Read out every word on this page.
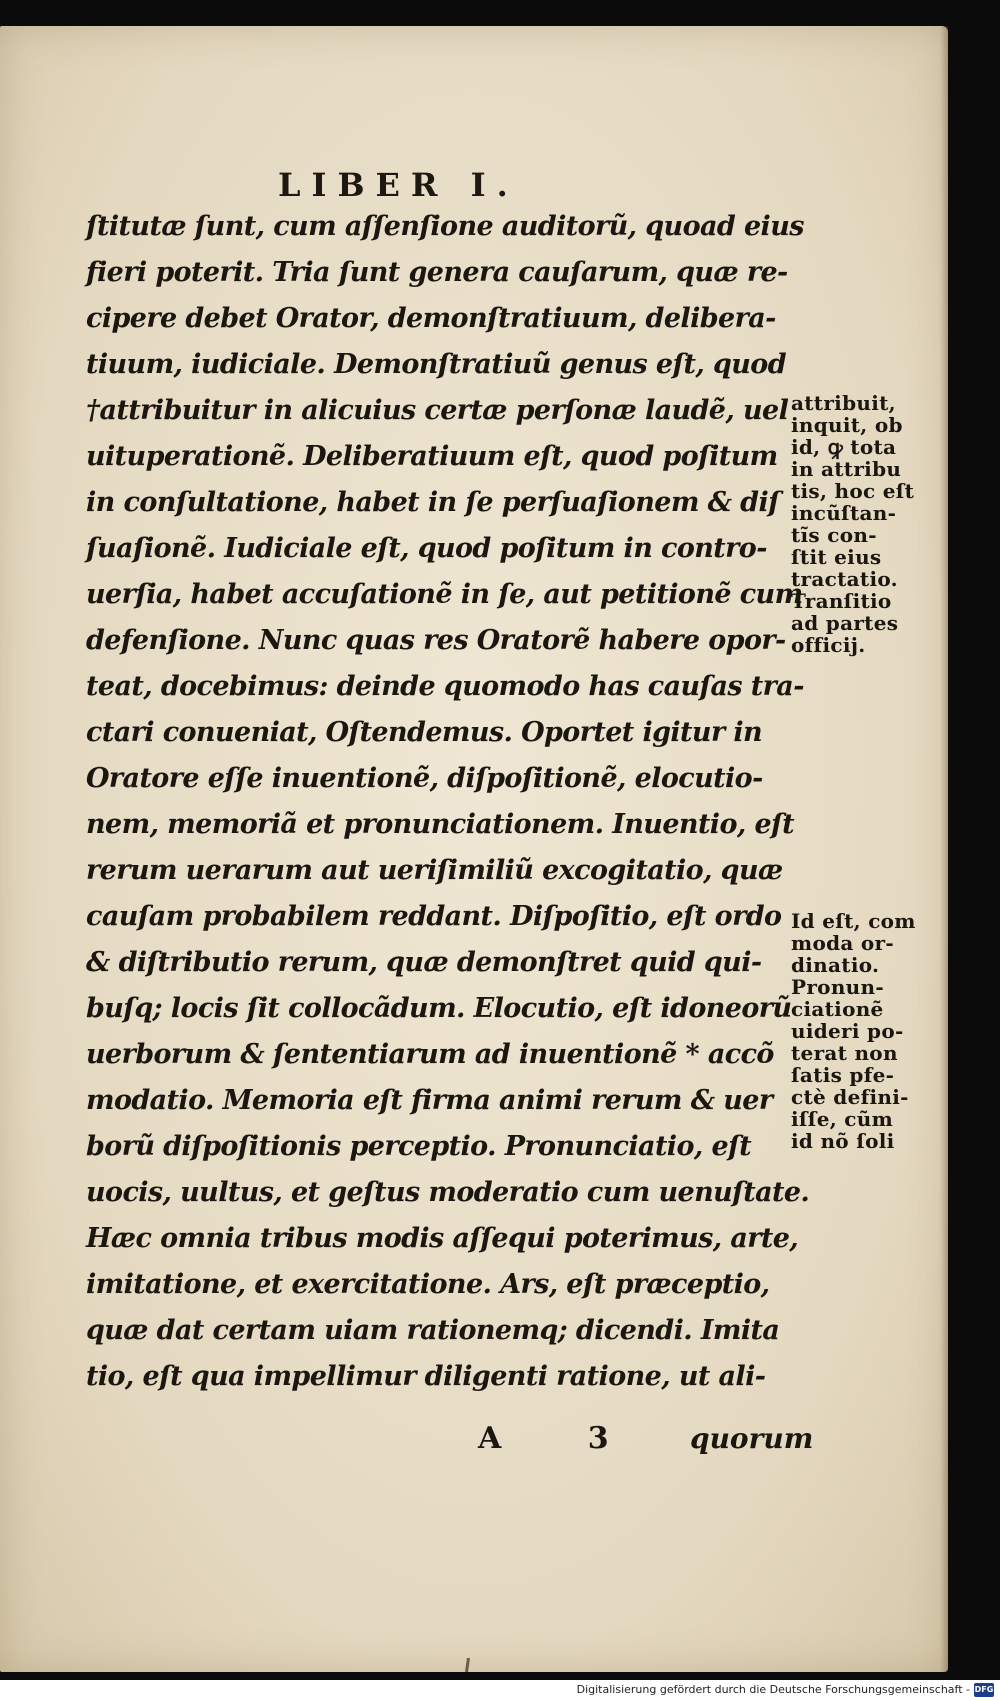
LIBER I.
ſtitutæ ſunt, cum aſſenſione auditorũ, quoad eius
fieri poterit. Tria ſunt genera cauſarum, quæ re-
cipere debet Orator, demonſtratiuum, delibera-
tiuum, iudiciale. Demonſtratiuũ genus eſt, quod
†attribuitur in alicuius certæ perſonæ laudẽ, uel
uituperationẽ. Deliberatiuum eſt, quod poſitum
in conſultatione, habet in ſe perſuaſionem & diſ
ſuaſionẽ. Iudiciale eſt, quod poſitum in contro-
uerſia, habet accuſationẽ in ſe, aut petitionẽ cum
defenſione. Nunc quas res Oratorẽ habere opor-
teat, docebimus: deinde quomodo has cauſas tra-
ctari conueniat, Oſtendemus. Oportet igitur in
Oratore eſſe inuentionẽ, diſpoſitionẽ, elocutio-
nem, memoriã et pronunciationem. Inuentio, eſt
rerum uerarum aut ueriſimiliũ excogitatio, quæ
cauſam probabilem reddant. Diſpoſitio, eſt ordo
& diſtributio rerum, quæ demonſtret quid qui-
buſq; locis ſit collocãdum. Elocutio, eſt idoneorũ
uerborum & ſententiarum ad inuentionẽ * accõ
modatio. Memoria eſt firma animi rerum & uer
borũ diſpoſitionis perceptio. Pronunciatio, eſt
uocis, uultus, et geſtus moderatio cum uenuſtate.
Hæc omnia tribus modis aſſequi poterimus, arte,
imitatione, et exercitatione. Ars, eſt præceptio,
quæ dat certam uiam rationemq; dicendi. Imita
tio, eſt qua impellimur diligenti ratione, ut ali-
attribuit,
inquit, ob
id, ꝙ tota
in attribu
tis, hoc eſt
incũſtan-
tĩs con-
ſtit eius
tractatio.
Tranſitio
ad partes
officij.
Id eſt, com
moda or-
dinatio.
Pronun-
ciationẽ
uideri po-
terat non
ſatis pfe-
ctè defini-
iſſe, cũm
id nõ ſoli
A 3 quorum
Digitalisierung gefördert durch die Deutsche Forschungsgemeinschaft - DFG
